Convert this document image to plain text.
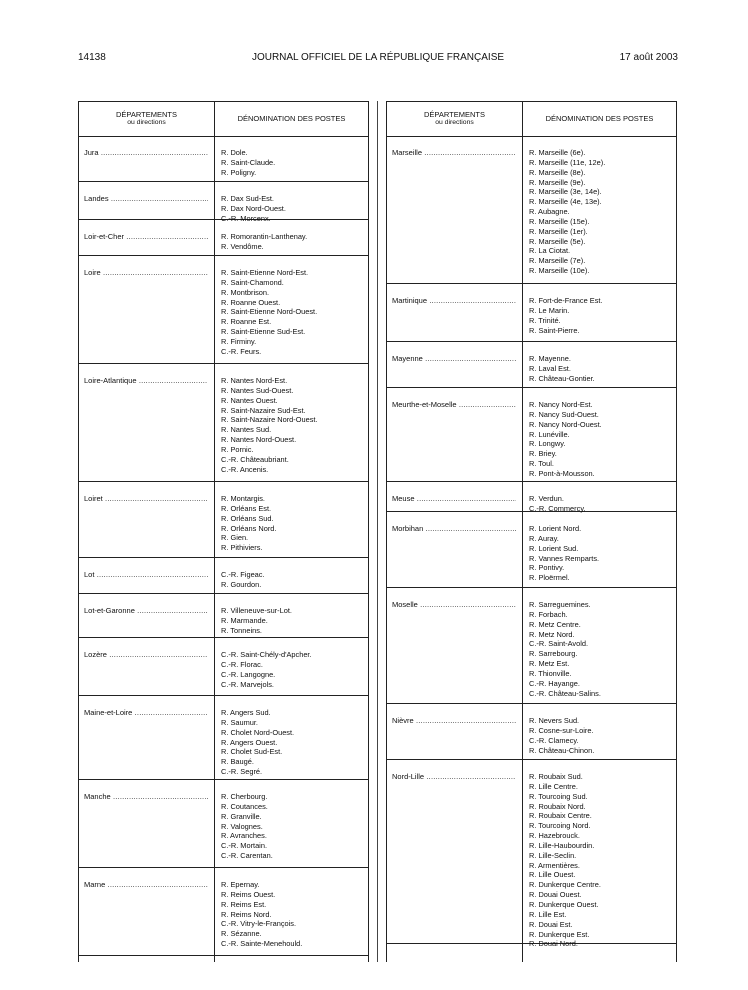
14138	JOURNAL OFFICIEL DE LA RÉPUBLIQUE FRANÇAISE	17 août 2003
DÉPARTEMENTS
ou directions	DÉNOMINATION DES POSTES
Jura .....	R. Dole.
R. Saint-Claude.
R. Poligny.
Landes .....	R. Dax Sud-Est.
R. Dax Nord-Ouest.
C.-R. Morcenx.
Loir-et-Cher .....	R. Romorantin-Lanthenay.
R. Vendôme.
Loire .....	R. Saint-Etienne Nord-Est.
R. Saint-Chamond.
R. Montbrison.
R. Roanne Ouest.
R. Saint-Etienne Nord-Ouest.
R. Roanne Est.
R. Saint-Etienne Sud-Est.
R. Firminy.
C.-R. Feurs.
Loire-Atlantique .....	R. Nantes Nord-Est.
R. Nantes Sud-Ouest.
R. Nantes Ouest.
R. Saint-Nazaire Sud-Est.
R. Saint-Nazaire Nord-Ouest.
R. Nantes Sud.
R. Nantes Nord-Ouest.
R. Pornic.
C.-R. Châteaubriant.
C.-R. Ancenis.
Loiret .....	R. Montargis.
R. Orléans Est.
R. Orléans Sud.
R. Orléans Nord.
R. Gien.
R. Pithiviers.
Lot .....	C.-R. Figeac.
R. Gourdon.
Lot-et-Garonne .....	R. Villeneuve-sur-Lot.
R. Marmande.
R. Tonneins.
Lozère .....	C.-R. Saint-Chély-d'Apcher.
C.-R. Florac.
C.-R. Langogne.
C.-R. Marvejols.
Maine-et-Loire .....	R. Angers Sud.
R. Saumur.
R. Cholet Nord-Ouest.
R. Angers Ouest.
R. Cholet Sud-Est.
R. Baugé.
C.-R. Segré.
Manche .....	R. Cherbourg.
R. Coutances.
R. Granville.
R. Valognes.
R. Avranches.
C.-R. Mortain.
C.-R. Carentan.
Marne .....	R. Epernay.
R. Reims Ouest.
R. Reims Est.
R. Reims Nord.
C.-R. Vitry-le-François.
R. Sézanne.
C.-R. Sainte-Menehould.
DÉPARTEMENTS
ou directions	DÉNOMINATION DES POSTES
Marseille .....	R. Marseille (6e).
R. Marseille (11e, 12e).
R. Marseille (8e).
R. Marseille (9e).
R. Marseille (3e, 14e).
R. Marseille (4e, 13e).
R. Aubagne.
R. Marseille (15e).
R. Marseille (1er).
R. Marseille (5e).
R. La Ciotat.
R. Marseille (7e).
R. Marseille (10e).
Martinique .....	R. Fort-de-France Est.
R. Le Marin.
R. Trinité.
R. Saint-Pierre.
Mayenne .....	R. Mayenne.
R. Laval Est.
R. Château-Gontier.
Meurthe-et-Moselle .....	R. Nancy Nord-Est.
R. Nancy Sud-Ouest.
R. Nancy Nord-Ouest.
R. Lunéville.
R. Longwy.
R. Briey.
R. Toul.
R. Pont-à-Mousson.
Meuse .....	R. Verdun.
C.-R. Commercy.
Morbihan .....	R. Lorient Nord.
R. Auray.
R. Lorient Sud.
R. Vannes Remparts.
R. Pontivy.
R. Ploërmel.
Moselle .....	R. Sarreguemines.
R. Forbach.
R. Metz Centre.
R. Metz Nord.
C.-R. Saint-Avold.
R. Sarrebourg.
R. Metz Est.
R. Thionville.
C.-R. Hayange.
C.-R. Château-Salins.
Nièvre .....	R. Nevers Sud.
R. Cosne-sur-Loire.
C.-R. Clamecy.
R. Château-Chinon.
Nord-Lille .....	R. Roubaix Sud.
R. Lille Centre.
R. Tourcoing Sud.
R. Roubaix Nord.
R. Roubaix Centre.
R. Tourcoing Nord.
R. Hazebrouck.
R. Lille-Haubourdin.
R. Lille-Seclin.
R. Armentières.
R. Lille Ouest.
R. Dunkerque Centre.
R. Douai Ouest.
R. Dunkerque Ouest.
R. Lille Est.
R. Douai Est.
R. Dunkerque Est.
R. Douai Nord.
